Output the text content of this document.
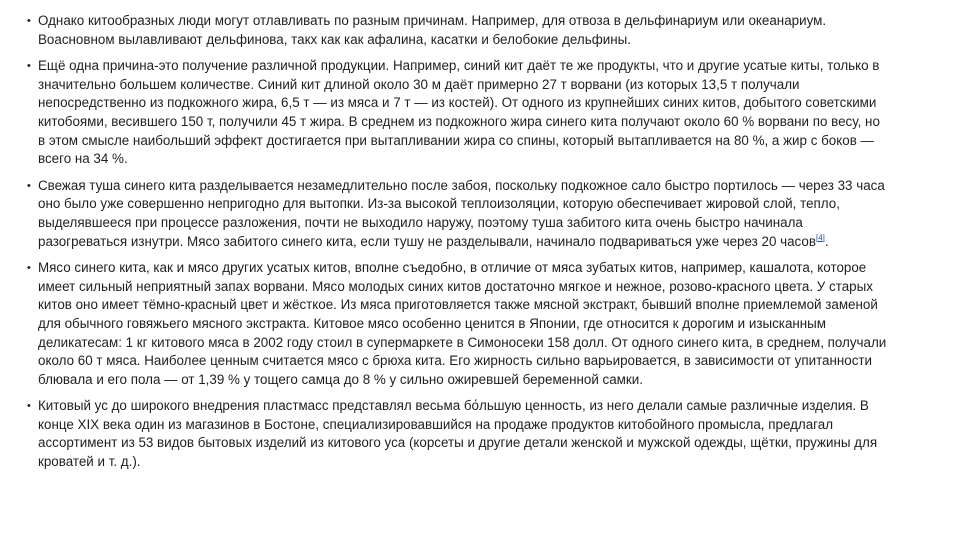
• Однако китообразных люди могут отлавливать по разным причинам. Например, для отвоза в дельфинариум или океанариум. Воасновном вылавливают дельфинова, такх как как афалина, касатки и белобокие дельфины.
• Ещё одна причина-это получение различной продукции. Например, синий кит даёт те же продукты, что и другие усатые киты, только в значительно большем количестве. Синий кит длиной около 30 м даёт примерно 27 т ворвани (из которых 13,5 т получали непосредственно из подкожного жира, 6,5 т — из мяса и 7 т — из костей). От одного из крупнейших синих китов, добытого советскими китобоями, весившего 150 т, получили 45 т жира. В среднем из подкожного жира синего кита получают около 60 % ворвани по весу, но в этом смысле наибольший эффект достигается при вытапливании жира со спины, который вытапливается на 80 %, а жир с боков — всего на 34 %.
• Свежая туша синего кита разделывается незамедлительно после забоя, поскольку подкожное сало быстро портилось — через 33 часа оно было уже совершенно непригодно для вытопки. Из-за высокой теплоизоляции, которую обеспечивает жировой слой, тепло, выделявшееся при процессе разложения, почти не выходило наружу, поэтому туша забитого кита очень быстро начинала разогреваться изнутри. Мясо забитого синего кита, если тушу не разделывали, начинало подвариваться уже через 20 часов[4].
• Мясо синего кита, как и мясо других усатых китов, вполне съедобно, в отличие от мяса зубатых китов, например, кашалота, которое имеет сильный неприятный запах ворвани. Мясо молодых синих китов достаточно мягкое и нежное, розово-красного цвета. У старых китов оно имеет тёмно-красный цвет и жёсткое. Из мяса приготовляется также мясной экстракт, бывший вполне приемлемой заменой для обычного говяжьего мясного экстракта. Китовое мясо особенно ценится в Японии, где относится к дорогим и изысканным деликатесам: 1 кг китового мяса в 2002 году стоил в супермаркете в Симоносеки 158 долл. От одного синего кита, в среднем, получали около 60 т мяса. Наиболее ценным считается мясо с брюха кита. Его жирность сильно варьировается, в зависимости от упитанности блювала и его пола — от 1,39 % у тощего самца до 8 % у сильно ожиревшей беременной самки.
• Китовый ус до широкого внедрения пластмасс представлял весьма бо́льшую ценность, из него делали самые различные изделия. В конце XIX века один из магазинов в Бостоне, специализировавшийся на продаже продуктов китобойного промысла, предлагал ассортимент из 53 видов бытовых изделий из китового уса (корсеты и другие детали женской и мужской одежды, щётки, пружины для кроватей и т. д.).
